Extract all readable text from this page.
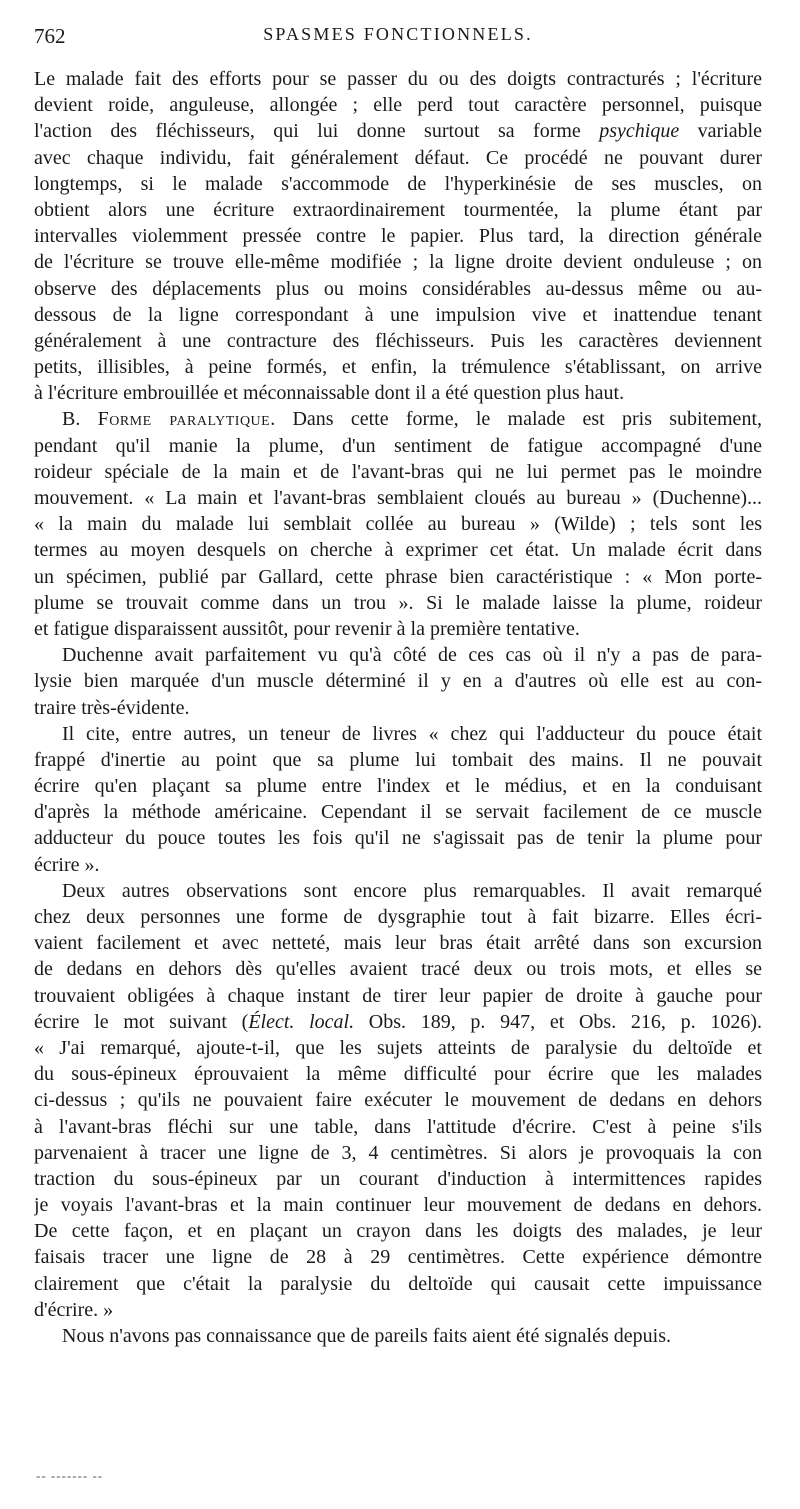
762	SPASMES FONCTIONNELS.
Le malade fait des efforts pour se passer du ou des doigts contracturés ; l'écriture
devient roide, anguleuse, allongée ; elle perd tout caractère personnel, puisque
l'action des fléchisseurs, qui lui donne surtout sa forme psychique variable
avec chaque individu, fait généralement défaut. Ce procédé ne pouvant durer
longtemps, si le malade s'accommode de l'hyperkinésie de ses muscles, on
obtient alors une écriture extraordinairement tourmentée, la plume étant par
intervalles violemment pressée contre le papier. Plus tard, la direction générale
de l'écriture se trouve elle-même modifiée ; la ligne droite devient onduleuse ; on
observe des déplacements plus ou moins considérables au-dessus même ou au-
dessous de la ligne correspondant à une impulsion vive et inattendue tenant
généralement à une contracture des fléchisseurs. Puis les caractères deviennent
petits, illisibles, à peine formés, et enfin, la trémulence s'établissant, on arrive
à l'écriture embrouillée et méconnaissable dont il a été question plus haut.
B. Forme paralytique. Dans cette forme, le malade est pris subitement,
pendant qu'il manie la plume, d'un sentiment de fatigue accompagné d'une
roideur spéciale de la main et de l'avant-bras qui ne lui permet pas le moindre
mouvement. « La main et l'avant-bras semblaient cloués au bureau » (Duchenne)...
« la main du malade lui semblait collée au bureau » (Wilde) ; tels sont les
termes au moyen desquels on cherche à exprimer cet état. Un malade écrit dans
un spécimen, publié par Gallard, cette phrase bien caractéristique : « Mon porte-
plume se trouvait comme dans un trou ». Si le malade laisse la plume, roideur
et fatigue disparaissent aussitôt, pour revenir à la première tentative.
Duchenne avait parfaitement vu qu'à côté de ces cas où il n'y a pas de para-
lysie bien marquée d'un muscle déterminé il y en a d'autres où elle est au con-
traire très-évidente.
Il cite, entre autres, un teneur de livres « chez qui l'adducteur du pouce était
frappé d'inertie au point que sa plume lui tombait des mains. Il ne pouvait
écrire qu'en plaçant sa plume entre l'index et le médius, et en la conduisant
d'après la méthode américaine. Cependant il se servait facilement de ce muscle
adducteur du pouce toutes les fois qu'il ne s'agissait pas de tenir la plume pour
écrire ».
Deux autres observations sont encore plus remarquables. Il avait remarqué
chez deux personnes une forme de dysgraphie tout à fait bizarre. Elles écri-
vaient facilement et avec netteté, mais leur bras était arrêté dans son excursion
de dedans en dehors dès qu'elles avaient tracé deux ou trois mots, et elles se
trouvaient obligées à chaque instant de tirer leur papier de droite à gauche pour
écrire le mot suivant (Élect. local. Obs. 189, p. 947, et Obs. 216, p. 1026).
« J'ai remarqué, ajoute-t-il, que les sujets atteints de paralysie du deltoïde et
du sous-épineux éprouvaient la même difficulté pour écrire que les malades
ci-dessus ; qu'ils ne pouvaient faire exécuter le mouvement de dedans en dehors
à l'avant-bras fléchi sur une table, dans l'attitude d'écrire. C'est à peine s'ils
parvenaient à tracer une ligne de 3, 4 centimètres. Si alors je provoquais la con
traction du sous-épineux par un courant d'induction à intermittences rapides
je voyais l'avant-bras et la main continuer leur mouvement de dedans en dehors.
De cette façon, et en plaçant un crayon dans les doigts des malades, je leur
faisais tracer une ligne de 28 à 29 centimètres. Cette expérience démontre
clairement que c'était la paralysie du deltoïde qui causait cette impuissance
d'écrire. »
Nous n'avons pas connaissance que de pareils faits aient été signalés depuis.
-- ------- --
